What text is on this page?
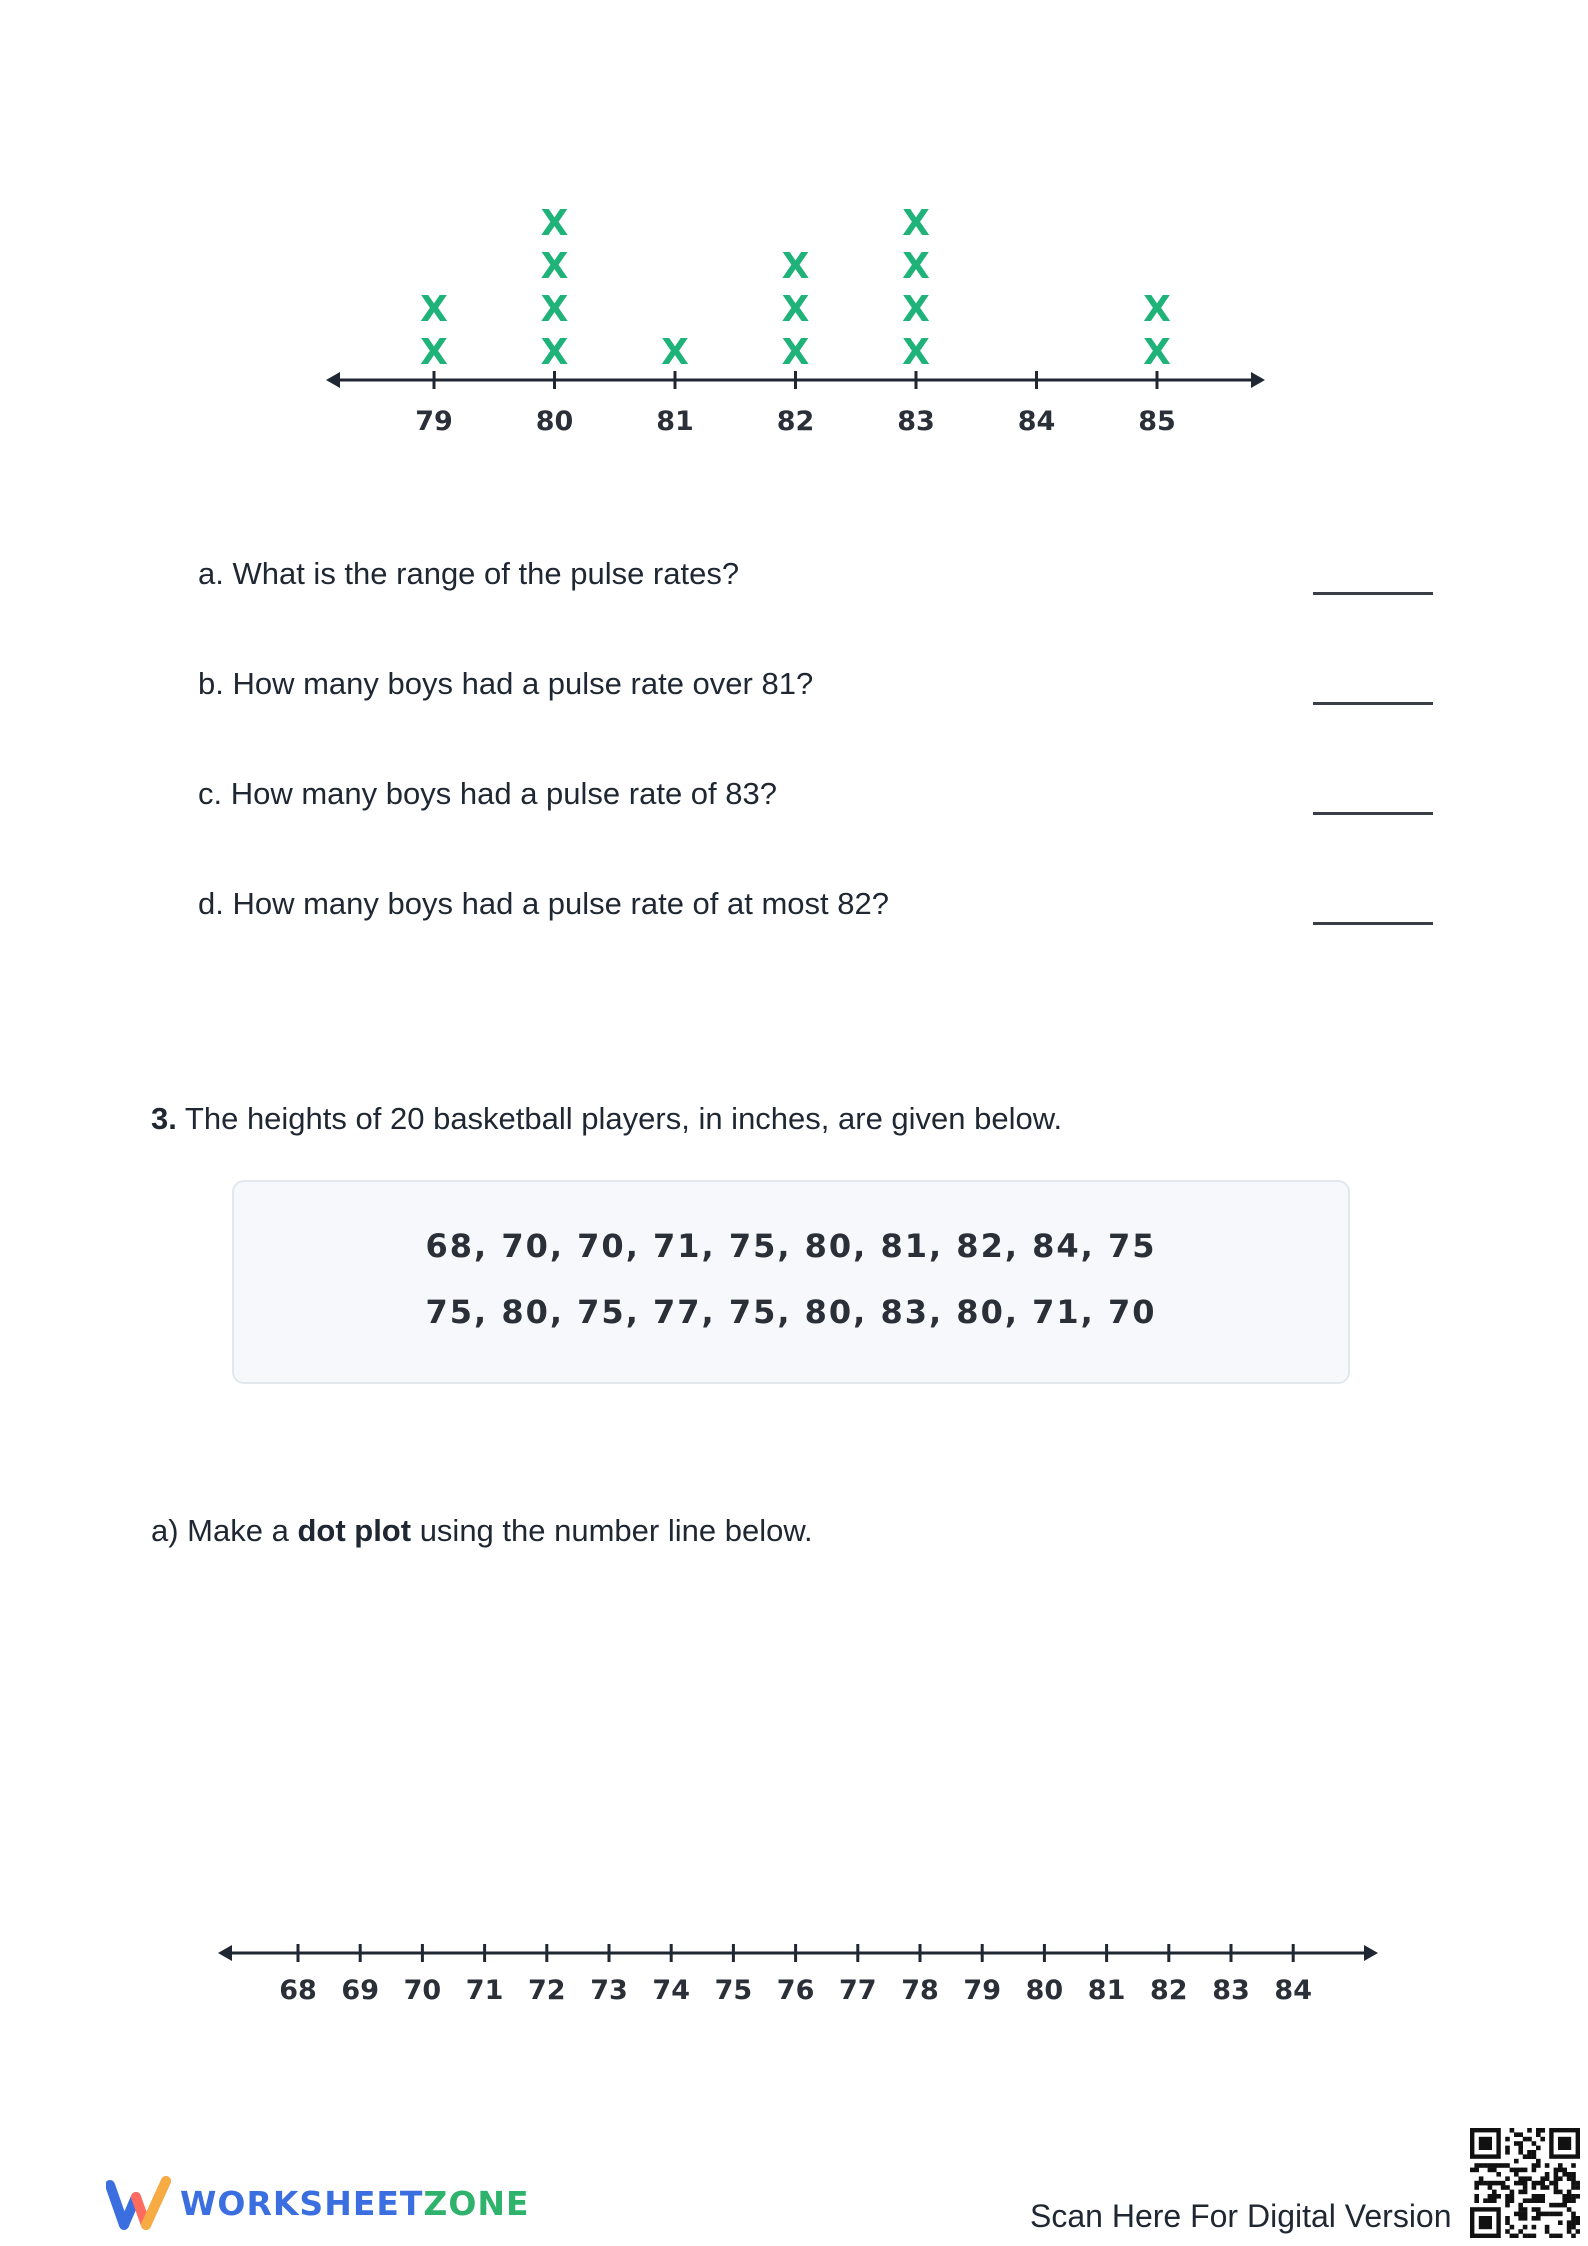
79	80	81	82	83	84	85
X
X
X
X
X
X
X	X
X
X
X
X
X
X
X
X
a. What is the range of the pulse rates?
b. How many boys had a pulse rate over 81?
c. How many boys had a pulse rate of 83?
d. How many boys had a pulse rate of at most 82?
3. The heights of 20 basketball players, in inches, are given below.
68, 70, 70, 71, 75, 80, 81, 82, 84, 75
75, 80, 75, 77, 75, 80, 83, 80, 71, 70
a) Make a dot plot using the number line below.
68 69 70 71 72 73 74 75 76 77 78 79 80 81 82 83 84
WORKSHEETZONE	Scan Here For Digital Version
